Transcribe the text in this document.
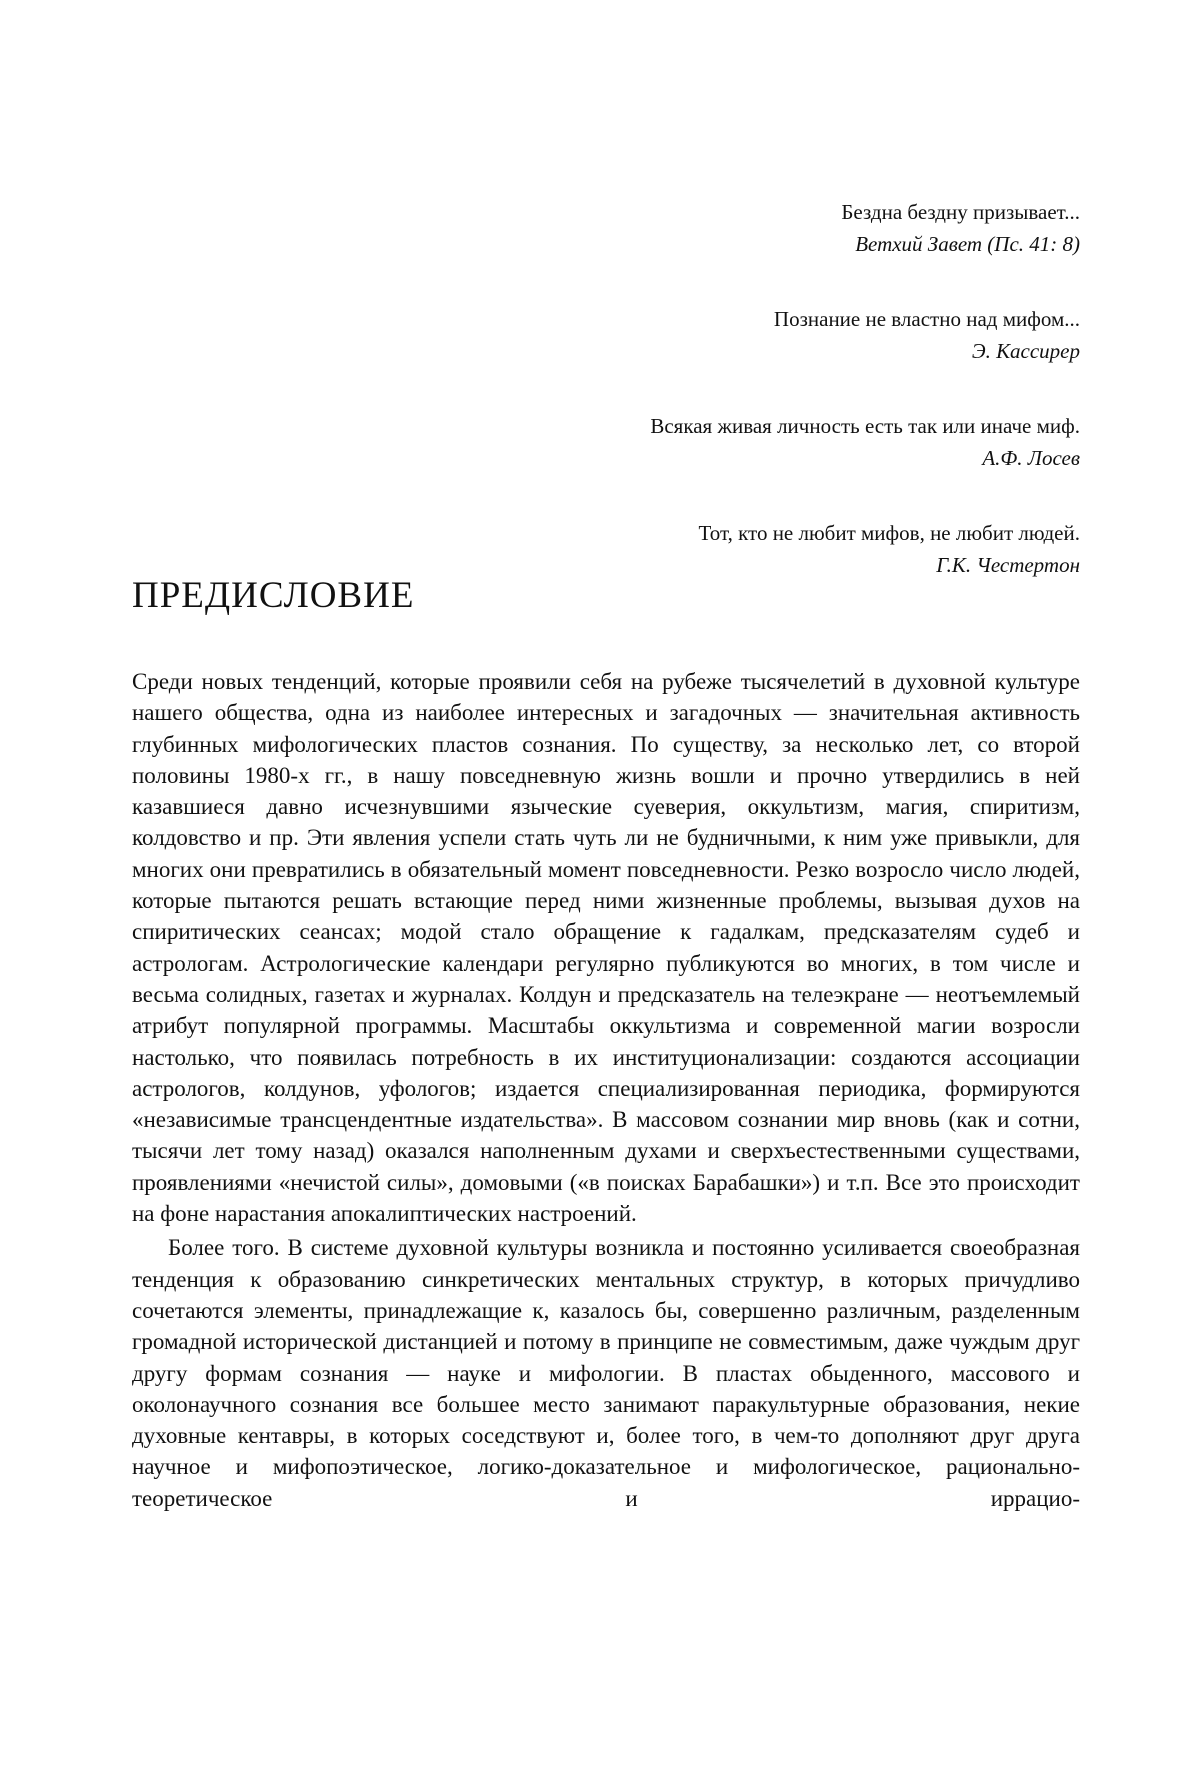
Бездна бездну призывает...
Ветхий Завет (Пс. 41: 8)
Познание не властно над мифом...
Э. Кассирер
Всякая живая личность есть так или иначе миф.
А.Ф. Лосев
Тот, кто не любит мифов, не любит людей.
Г.К. Честертон
ПРЕДИСЛОВИЕ

Среди новых тенденций, которые проявили себя на рубеже тысячелетий в духовной культуре нашего общества, одна из наиболее интересных и загадочных — значительная активность глубинных мифологических пластов сознания. По существу, за несколько лет, со второй половины 1980-х гг., в нашу повседневную жизнь вошли и прочно утвердились в ней казавшиеся давно исчезнувшими языческие суеверия, оккультизм, магия, спиритизм, колдовство и пр. Эти явления успели стать чуть ли не будничными, к ним уже привыкли, для многих они превратились в обязательный момент повседневности. Резко возросло число людей, которые пытаются решать встающие перед ними жизненные проблемы, вызывая духов на спиритических сеансах; модой стало обращение к гадалкам, предсказателям судеб и астрологам. Астрологические календари регулярно публикуются во многих, в том числе и весьма солидных, газетах и журналах. Колдун и предсказатель на телеэкране — неотъемлемый атрибут популярной программы. Масштабы оккультизма и современной магии возросли настолько, что появилась потребность в их институционализации: создаются ассоциации астрологов, колдунов, уфологов; издается специализированная периодика, формируются «независимые трансцендентные издательства». В массовом сознании мир вновь (как и сотни, тысячи лет тому назад) оказался наполненным духами и сверхъестественными существами, проявлениями «нечистой силы», домовыми («в поисках Барабашки») и т.п. Все это происходит на фоне нарастания апокалиптических настроений.

Более того. В системе духовной культуры возникла и постоянно усиливается своеобразная тенденция к образованию синкретических ментальных структур, в которых причудливо сочетаются элементы, принадлежащие к, казалось бы, совершенно различным, разделенным громадной исторической дистанцией и потому в принципе не совместимым, даже чуждым друг другу формам сознания — науке и мифологии. В пластах обыденного, массового и околонаучного сознания все большее место занимают паракультурные образования, некие духовные кентавры, в которых соседствуют и, более того, в чем-то дополняют друг друга научное и мифопоэтическое, логико-доказательное и мифологическое, рационально-теоретическое и иррацио-
